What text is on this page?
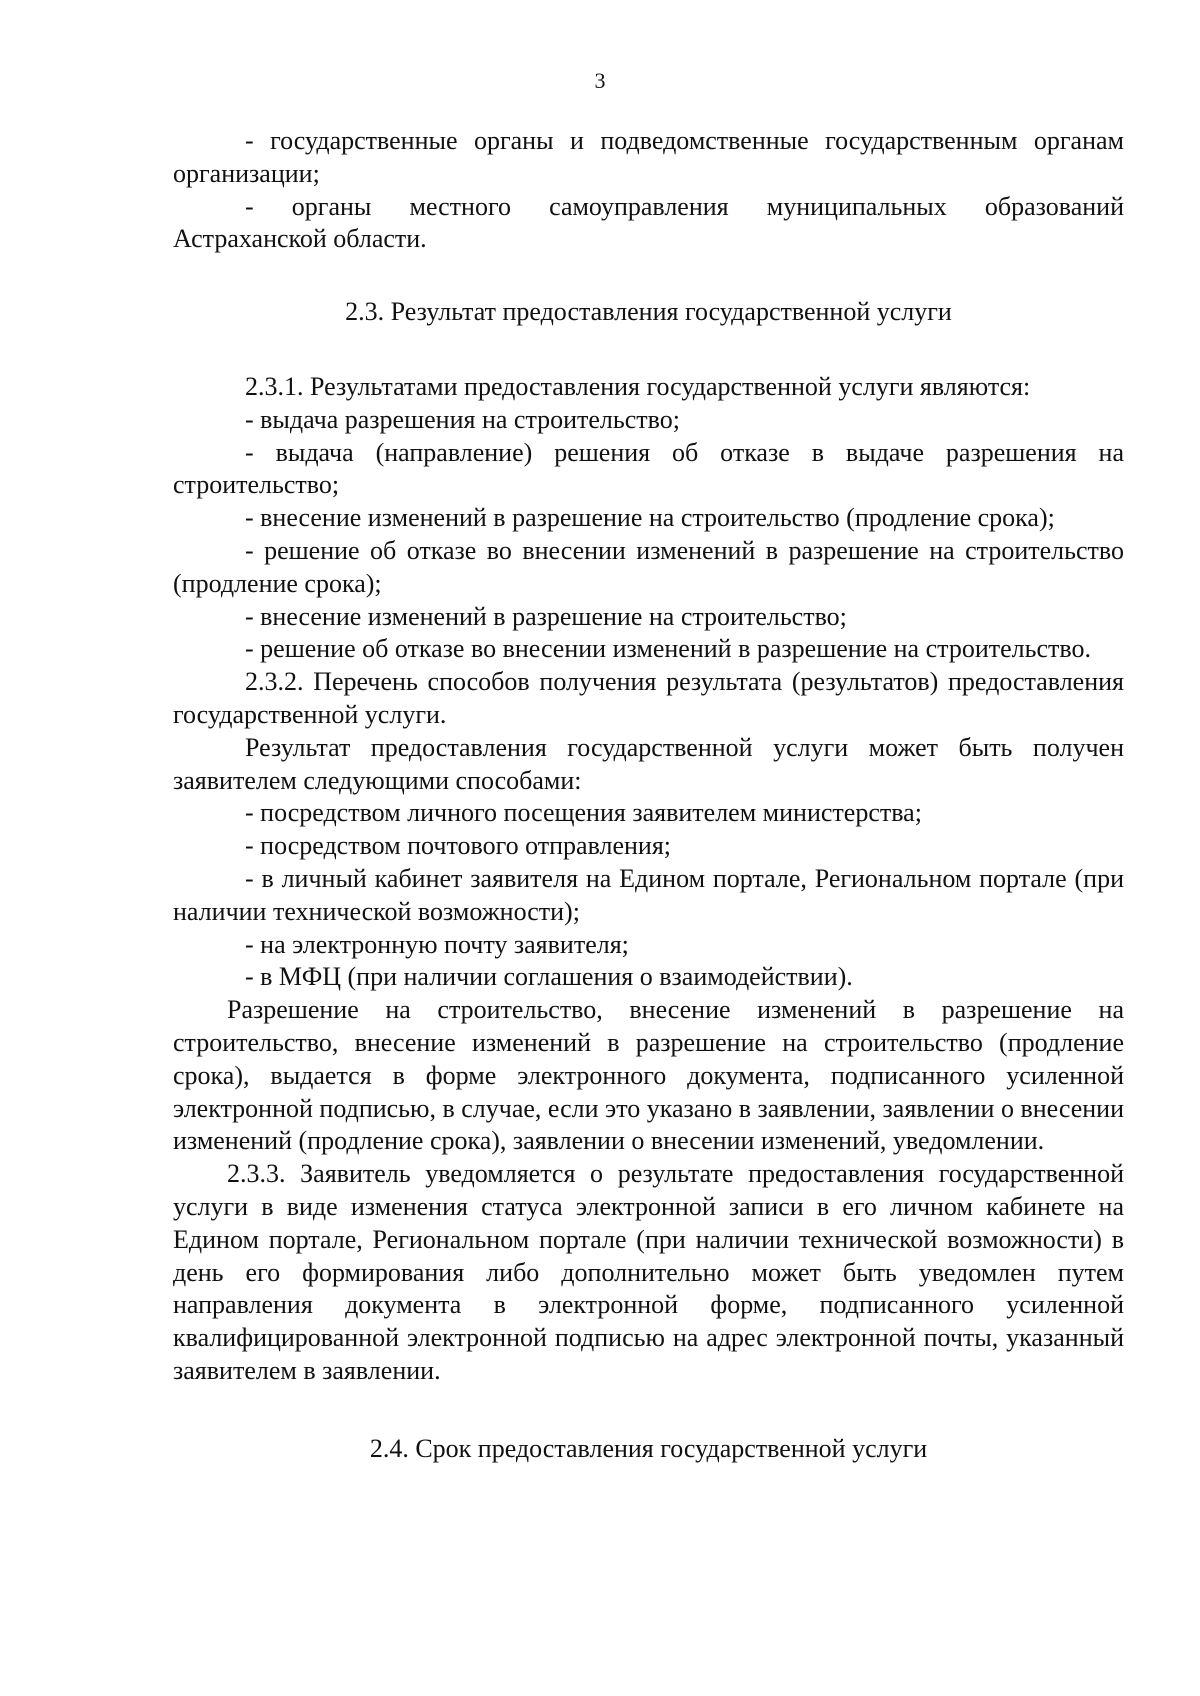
3

- государственные органы и подведомственные государственным органам организации;

- органы местного самоуправления муниципальных образований Астраханской области.

2.3. Результат предоставления государственной услуги

2.3.1. Результатами предоставления государственной услуги являются:

- выдача разрешения на строительство;

- выдача (направление) решения об отказе в выдаче разрешения на строительство;

- внесение изменений в разрешение на строительство (продление срока);

- решение об отказе во внесении изменений в разрешение на строительство (продление срока);

- внесение изменений в разрешение на строительство;

- решение об отказе во внесении изменений в разрешение на строительство.

2.3.2. Перечень способов получения результата (результатов) предоставления государственной услуги.

Результат предоставления государственной услуги может быть получен заявителем следующими способами:

- посредством личного посещения заявителем министерства;

- посредством почтового отправления;

- в личный кабинет заявителя на Едином портале, Региональном портале (при наличии технической возможности);

- на электронную почту заявителя;

- в МФЦ (при наличии соглашения о взаимодействии).

Разрешение на строительство, внесение изменений в разрешение на строительство, внесение изменений в разрешение на строительство (продление срока), выдается в форме электронного документа, подписанного усиленной электронной подписью, в случае, если это указано в заявлении, заявлении о внесении изменений (продление срока), заявлении о внесении изменений, уведомлении.

2.3.3. Заявитель уведомляется о результате предоставления государственной услуги в виде изменения статуса электронной записи в его личном кабинете на Едином портале, Региональном портале (при наличии технической возможности) в день его формирования либо дополнительно может быть уведомлен путем направления документа в электронной форме, подписанного усиленной квалифицированной электронной подписью на адрес электронной почты, указанный заявителем в заявлении.

2.4. Срок предоставления государственной услуги
